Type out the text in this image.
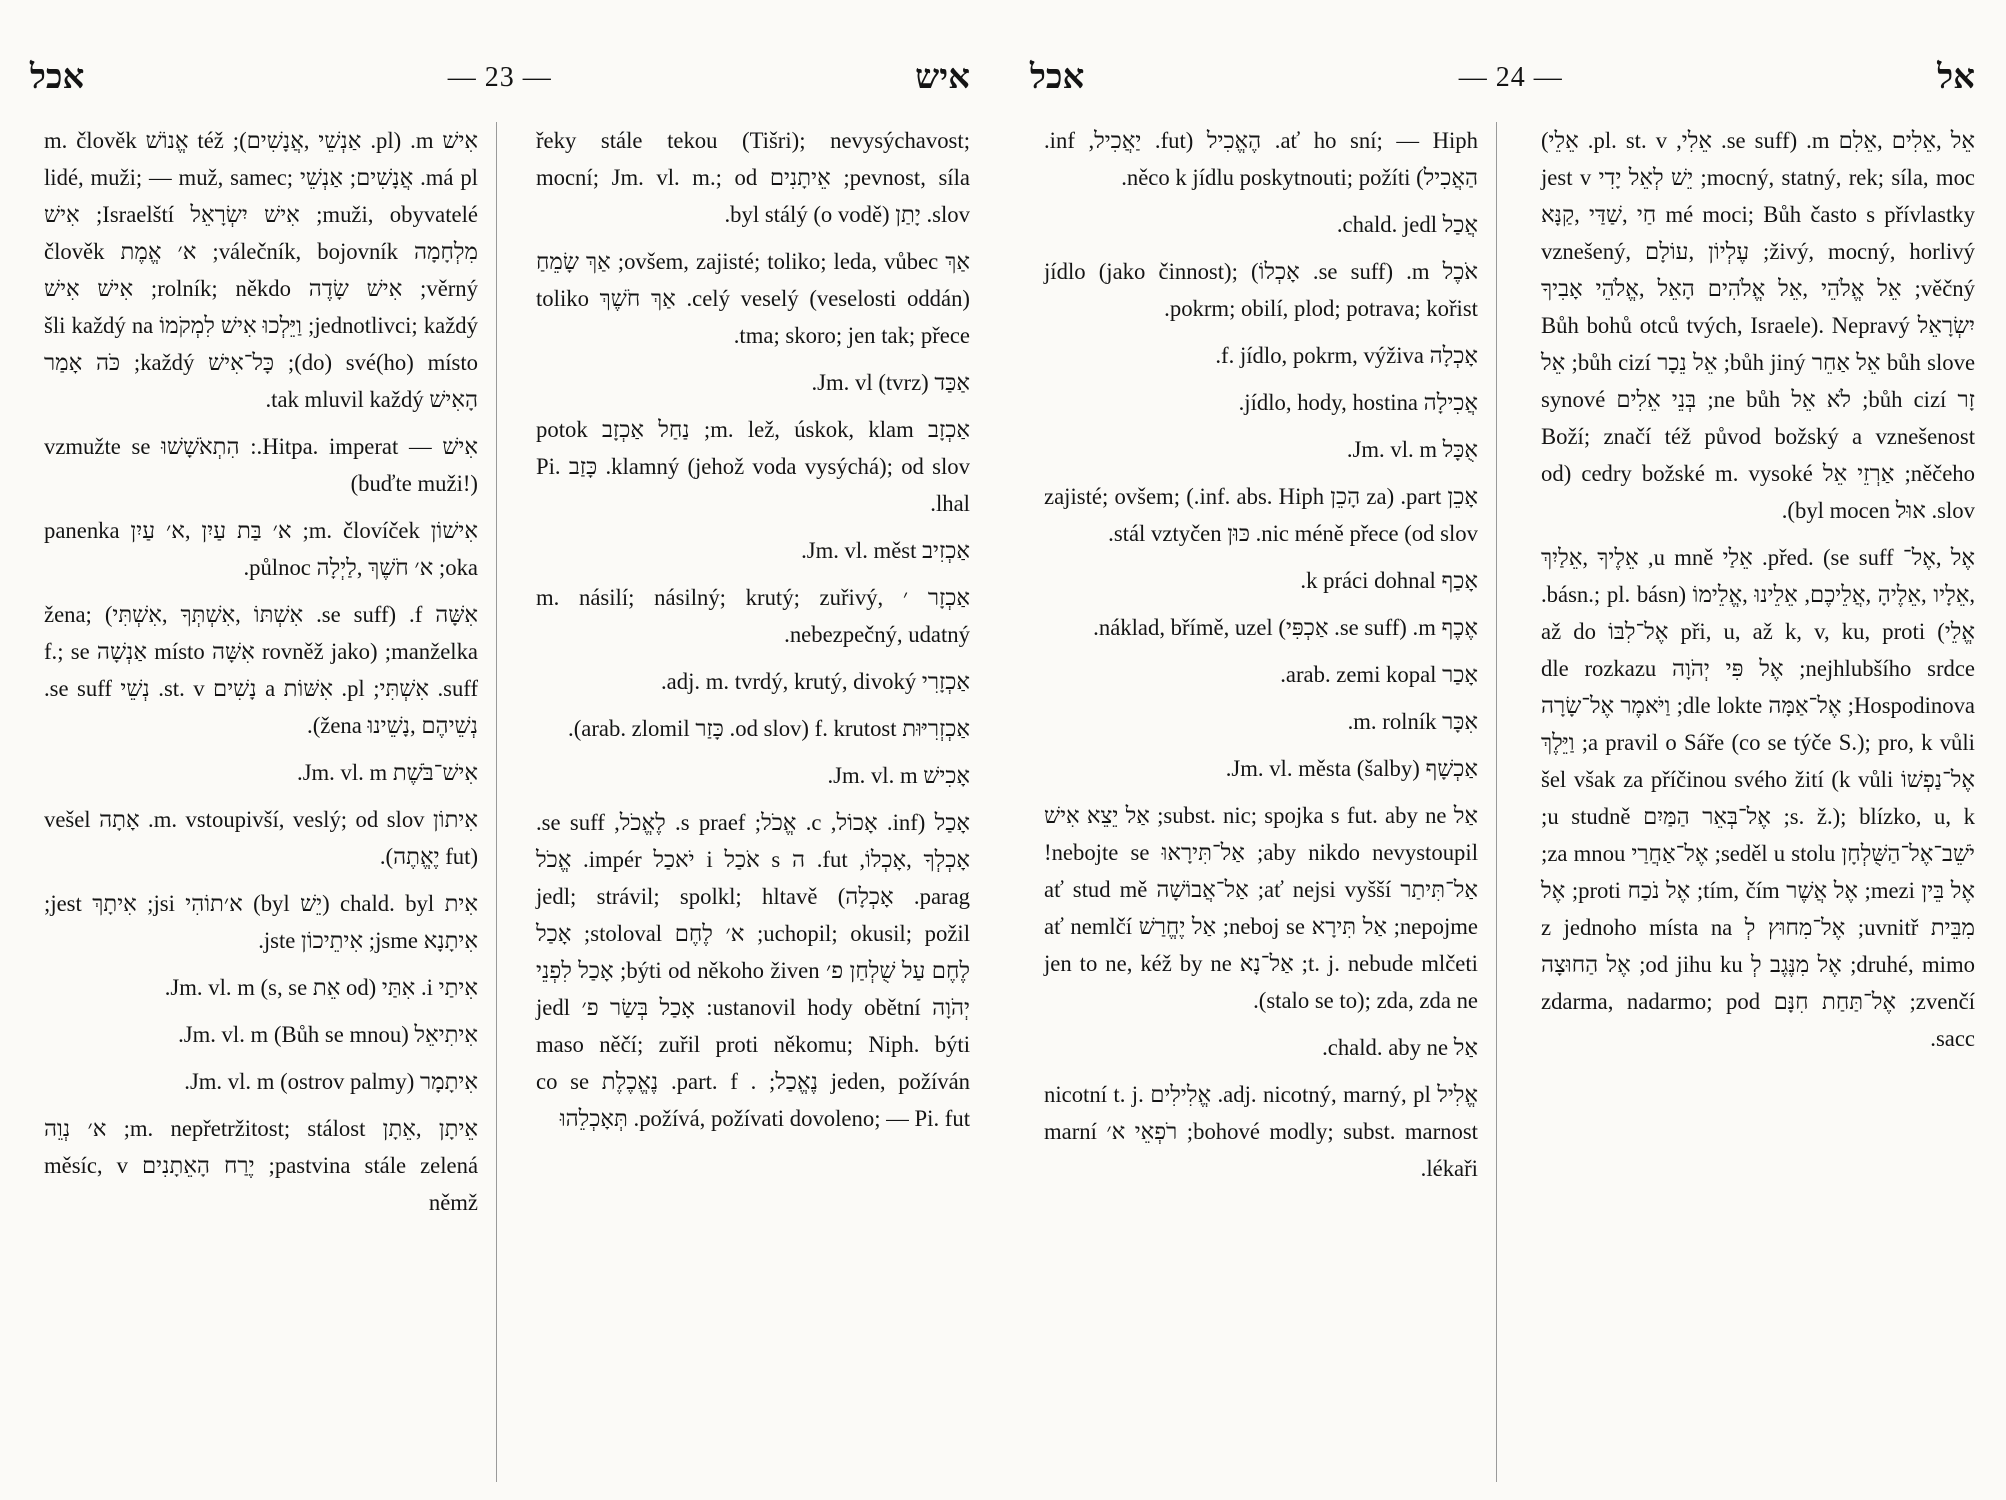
אכל	— 23 —	איש

אִישׁ m. (pl. אַנְשֵׁי ,אֲנָשִׁים); též אֱנוֹשׁ m. člověk má pl. אֲנָשִׁים; אַנְשֵׁי lidé, muži; — muž, samec; muži, obyvatelé; אִישׁ יִשְׂרָאֵל Israelští; אִישׁ מִלְחָמָה válečník, bojovník; א׳ אֱמֶת člověk věrný; אִישׁ שָׂדֶה rolník; někdo; אִישׁ אִישׁ jednotlivci; každý; וַיֵּלְכוּ אִישׁ לִמְקֹמוֹ šli každý na (do) své(ho) místo; כָּל־אִישׁ každý; כֹּה אָמַר הָאִישׁ tak mluvil každý.

אִישׁ — Hitpa. imperat.: הִתְאֹשָׁשׁוּ vzmužte se (buďte muži!)

אִישׁוֹן m. človíček; א׳ בַּת עַיִן ,א׳ עַיִן panenka oka; א׳ חֹשֶׁךְ ,לַיְלָה půlnoc.

אִשָּׁה f. (se suff. אִשְׁתּוֹ ,אִשְׁתְּךָ ,אִשְׁתִּי) žena; manželka; (rovněž jako אִשָּׁה místo אַנְשָׁה f.; se suff. אִשְׁתִּי; pl. אִשּׁוֹת a נָשִׁים st. v. נְשֵׁי se suff. נְשֵׁיהֶם ,נָשֵׁינוּ žena).

אִישׁ־בֹּשֶׁת Jm. vl. m.

אִיתוֹן m. vstoupivší, veslý; od slov. אָתָה vešel (fut יֶאֱתֶה).

אִית chald. byl (יֵשׁ byl) א׳תוֹהִי jsi; אִיתָךְ jest; אִיתָנָא jsme; אִיתֵיכוֹן jste.

אִיתַי i. אִתַּי (od אֵת s, se) Jm. vl. m.

אִיתִיאֵל (Bůh se mnou) Jm. vl. m.

אִיתָמָר (ostrov palmy) Jm. vl. m.

אֵיתָן ,אֵתָן m. nepřetržitost; stálost; א׳ נְוֵה pastvina stále zelená; יֶרַח הָאֵתָנִים měsíc, v němž

řeky stále tekou (Tišri); nevysýchavost; pevnost, síla; אֵיתָנִים mocní; Jm. vl. m.; od slov. יָתַן byl stálý (o vodě).

אַךְ ovšem, zajisté; toliko; leda, vůbec; אַךְ שָׂמֵחַ celý veselý (veselosti oddán). אַךְ חֹשֶׁךְ toliko tma; skoro; jen tak; přece.

אַכַּד (tvrz) Jm. vl.

אַכְזָב m. lež, úskok, klam; נַחַל אַכְזָב potok klamný (jehož voda vysýchá); od slov. כָּזַב Pi. lhal.

אַכְזִיב Jm. vl. měst.

אַכְזָר ׳ m. násilí; násilný; krutý; zuřivý, nebezpečný, udatný.

אַכְזָרִי adj. m. tvrdý, krutý, divoký.

אַכְזְרִיּוּת f. krutost (od slov. כָּזַר arab. zlomil).

אָכִישׁ Jm. vl. m.

אָכַל (inf. אָכוֹל, c. אֱכֹל; s praef. לֶאֱכֹל, se suff. אָכְלְךָ ,אָכְלוֹ, fut. ה s אֹכַל i יֹאכַל impér. אֱכֹל parag. אָכְלָה) jedl; strávil; spolkl; hltavě uchopil; okusil; požil; א׳ לֶחֶם stoloval; אָכַל לֶחֶם עַל שֻׁלְחַן פ׳ býti od někoho živen; אָכַל לִפְנֵי יְהֹוָה ustanovil hody obětní: אָכַל בְּשַׂר פ׳ jedl maso něčí; zuřil proti někomu; Niph. býti jeden, požíván נֶאֱכַל; . part. f. נֶאֱכֶלֶת co se požívá, požívati dovoleno; — Pi. fut. תְּאָכְלֵהוּ

אכל	— 24 —	אל

ať ho sní; — Hiph. הֶאֱכִיל (fut. יַאֲכִיל, inf. הַאֲכִיל) něco k jídlu poskytnouti; požíti.

אֲכַל chald. jedl.

אֹכֶל m. (se suff. אָכְלוֹ) jídlo (jako činnost); pokrm; obilí, plod; potrava; kořist.

אָכְלָה f. jídlo, pokrm, výživa.

אֲכִילָה jídlo, hody, hostina.

אֻכָּל Jm. vl. m.

אָכֵן part. (za הָכֵן inf. abs. Hiph.) zajisté; ovšem; nic méně přece (od slov. כּוּן stál vztyčen.

אָכַף k práci dohnal.

אֶכֶף m. (se suff. אַכְפִּי) náklad, břímě, uzel.

אָכַר arab. zemi kopal.

אִכָּר m. rolník.

אַכְשָׁף (šalby) Jm. vl. města.

אַל subst. nic; spojka s fut. aby ne; אַל יֵצֵא אִישׁ aby nikdo nevystoupil; אַל־תִּירָאוּ nebojte se! אַל־תִּיתַר ať nejsi vyšší; אַל־אֲבוֹשָׁה ať stud mě nepojme; אַל תִּירָא neboj se; אַל יֶחֱרַשׁ ať nemlčí t. j. nebude mlčeti; אַל־נָא jen to ne, kéž by ne (stalo se to); zda, zda ne.

אַל chald. aby ne.

אֱלִיל adj. nicotný, marný, pl. אֱלִילִים nicotní t. j. bohové modly; subst. marnost; רֹפְאֵי א׳ marní lékaři.

אֵל ,אֵלִים ,אֵלִם m. (se suff. אֵלִי, pl. st. v. אֵלֵי) mocný, statný, rek; síla, moc; יֵשׁ לְאֵל יָדִי jest v mé moci; Bůh často s přívlastky חַי ,שַׁדַּי ,קַנָּא živý, mocný, horlivý; עֶלְיוֹן ,עוֹלָם vznešený, věčný; אֵל אֱלֹהֵי ,אֵל אֱלֹהִים הָאֵל ,אֱלֹהֵי אָבִיךָ יִשְׂרָאֵל Bůh bohů otců tvých, Israele). Nepravý bůh slove אֵל אַחֵר bůh jiný; אֵל נֵכָר bůh cizí; אֵל זָר bůh cizí; לֹא אֵל ne bůh; בְּנֵי אֵלִים synové Boží; značí též původ božský a vznešenost něčeho; אַרְזֵי אֵל cedry božské m. vysoké (od slov. אוּל byl mocen).

אֶל ,אֶל־ před. (se suff. אֵלַי u mně, אֵלֶיךָ ,אֵלַיִךְ ,אֵלָיו ,אֵלֶיהָ ,אֲלֵיכֶם, אֵלֵינוּ ,אֱלֵימוֹ (básn.; pl. básn. אֱלֵי) při, u, až k, v, ku, proti אֶל־לִבּוֹ až do nejhlubšího srdce; אֶל פִּי יְהֹוָה dle rozkazu Hospodinova; אֶל־אַמָּה dle lokte; וַיֹּאמֶר אֶל־שָׂרָה a pravil o Sáře (co se týče S.); pro, k vůli; וַיֵּלֶךְ אֶל־נַפְשׁוֹ šel však za příčinou svého žití (k vůli s. ž.); blízko, u, k; אֶל־בְּאֵר הַמַּיִם u studně; יֹשֵׁב־אֶל־הַשֻּׁלְחָן seděl u stolu; אֶל־אַחֲרַי za mnou; אֶל בֵּין mezi; אֶל אֲשֶׁר tím, čím; אֶל נֹכַח proti; אֶל מִבֵּית uvnitř; אֶל־מִחוּץ לְ z jednoho místa na druhé, mimo; אֶל מִנֶּגֶב לְ od jihu ku; אֶל הַחוּצָה zvenčí; אֶל־תַּחַת חִנָּם zdarma, nadarmo; pod sacc.
